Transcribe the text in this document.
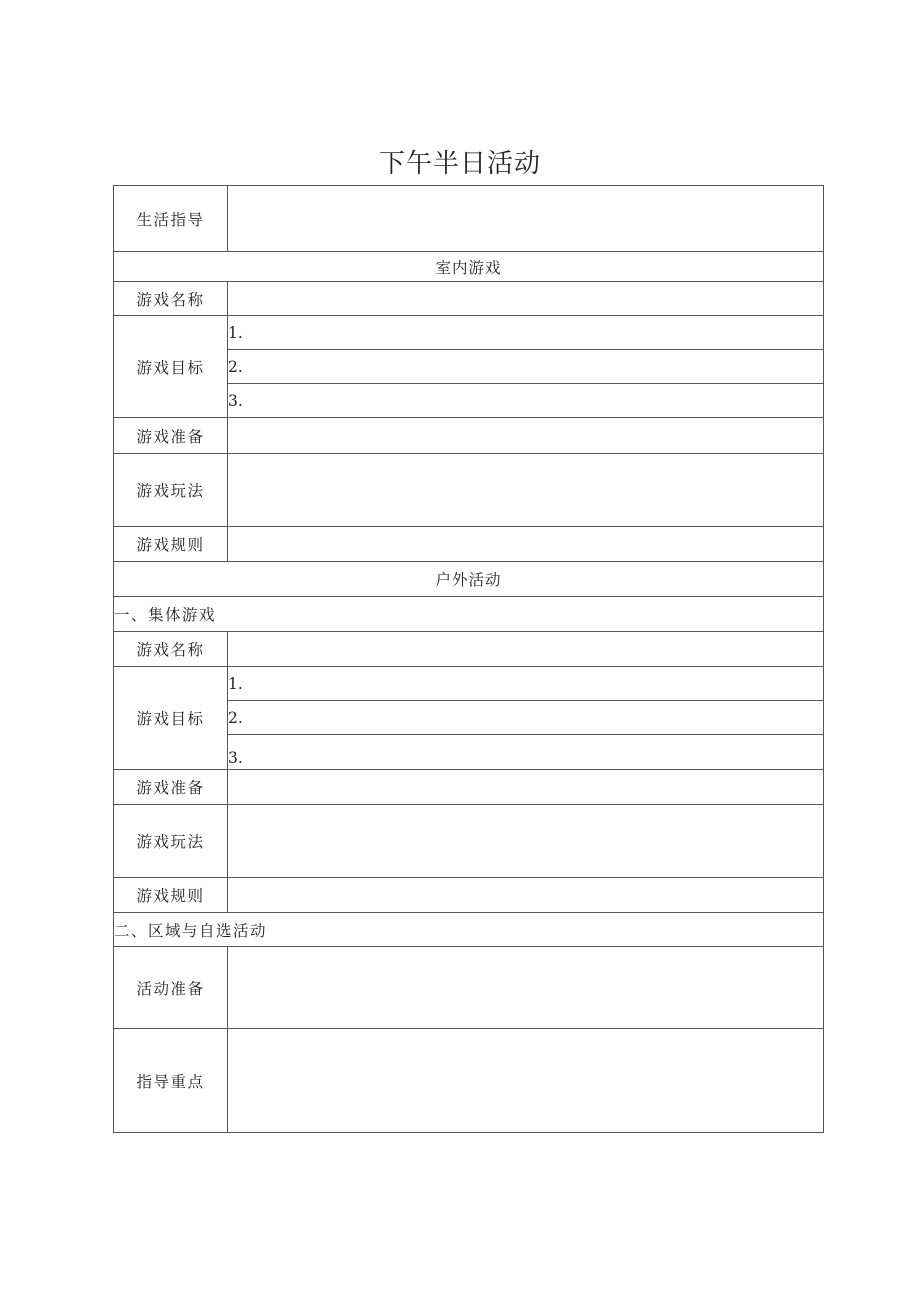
下午半日活动
生活指导	
室内游戏	
游戏名称	
游戏目标	1.
	2.
	3.
游戏准备	
游戏玩法	
游戏规则	
户外活动	
一、集体游戏	
游戏名称	
游戏目标	1.
	2.
	3.
游戏准备	
游戏玩法	
游戏规则	
二、区域与自选活动	
活动准备	
指导重点	
